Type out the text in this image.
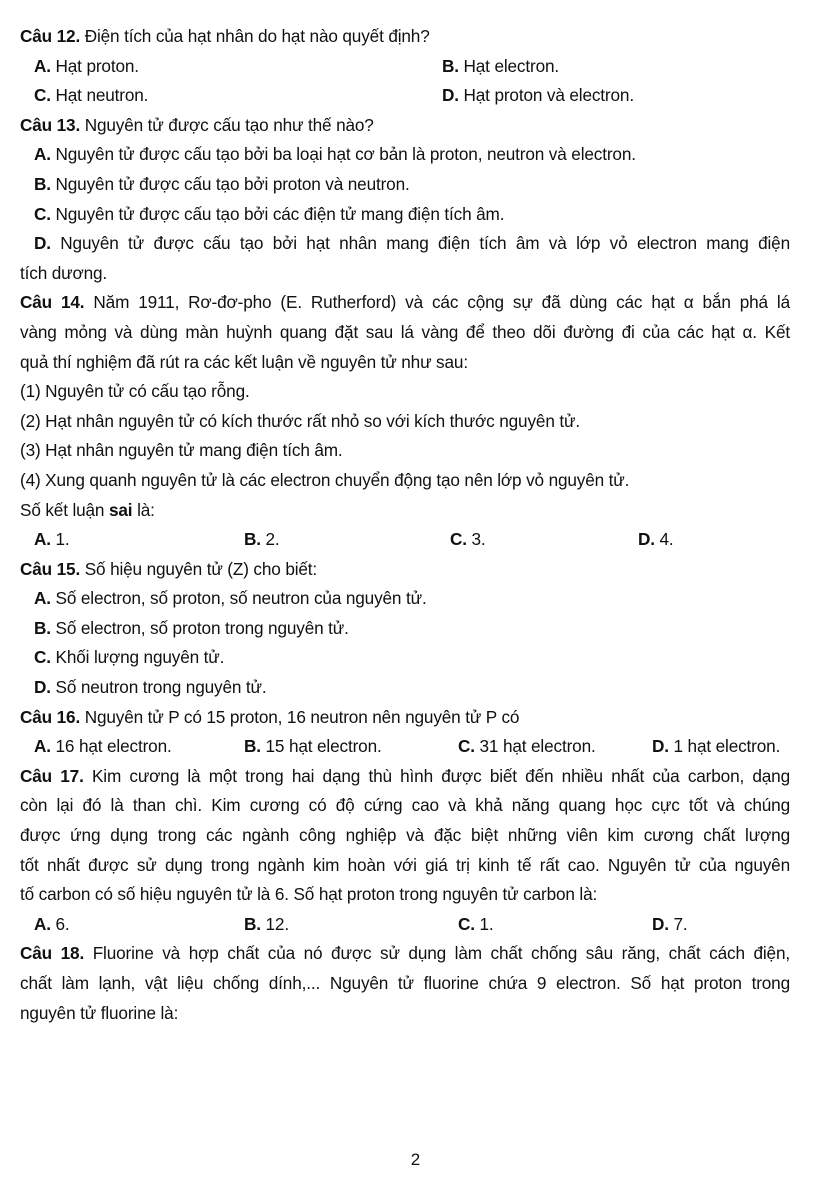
Câu 12. Điện tích của hạt nhân do hạt nào quyết định?
A. Hạt proton.	B. Hạt electron.
C. Hạt neutron.	D. Hạt proton và electron.
Câu 13. Nguyên tử được cấu tạo như thế nào?
A. Nguyên tử được cấu tạo bởi ba loại hạt cơ bản là proton, neutron và electron.
B. Nguyên tử được cấu tạo bởi proton và neutron.
C. Nguyên tử được cấu tạo bởi các điện tử mang điện tích âm.
D. Nguyên tử được cấu tạo bởi hạt nhân mang điện tích âm và lớp vỏ electron mang điện
tích dương.
Câu 14. Năm 1911, Rơ-đơ-pho (E. Rutherford) và các cộng sự đã dùng các hạt α bắn phá lá
vàng mỏng và dùng màn huỳnh quang đặt sau lá vàng để theo dõi đường đi của các hạt α. Kết
quả thí nghiệm đã rút ra các kết luận về nguyên tử như sau:
(1) Nguyên tử có cấu tạo rỗng.
(2) Hạt nhân nguyên tử có kích thước rất nhỏ so với kích thước nguyên tử.
(3) Hạt nhân nguyên tử mang điện tích âm.
(4) Xung quanh nguyên tử là các electron chuyển động tạo nên lớp vỏ nguyên tử.
Số kết luận sai là:
A. 1.	B. 2.	C. 3.	D. 4.
Câu 15. Số hiệu nguyên tử (Z) cho biết:
A. Số electron, số proton, số neutron của nguyên tử.
B. Số electron, số proton trong nguyên tử.
C. Khối lượng nguyên tử.
D. Số neutron trong nguyên tử.
Câu 16. Nguyên tử P có 15 proton, 16 neutron nên nguyên tử P có
A. 16 hạt electron.	B. 15 hạt electron.	C. 31 hạt electron.	D. 1 hạt electron.
Câu 17. Kim cương là một trong hai dạng thù hình được biết đến nhiều nhất của carbon, dạng
còn lại đó là than chì. Kim cương có độ cứng cao và khả năng quang học cực tốt và chúng
được ứng dụng trong các ngành công nghiệp và đặc biệt những viên kim cương chất lượng
tốt nhất được sử dụng trong ngành kim hoàn với giá trị kinh tế rất cao. Nguyên tử của nguyên
tố carbon có số hiệu nguyên tử là 6. Số hạt proton trong nguyên tử carbon là:
A. 6.	B. 12.	C. 1.	D. 7.
Câu 18. Fluorine và hợp chất của nó được sử dụng làm chất chống sâu răng, chất cách điện,
chất làm lạnh, vật liệu chống dính,... Nguyên tử fluorine chứa 9 electron. Số hạt proton trong
nguyên tử fluorine là:
2
